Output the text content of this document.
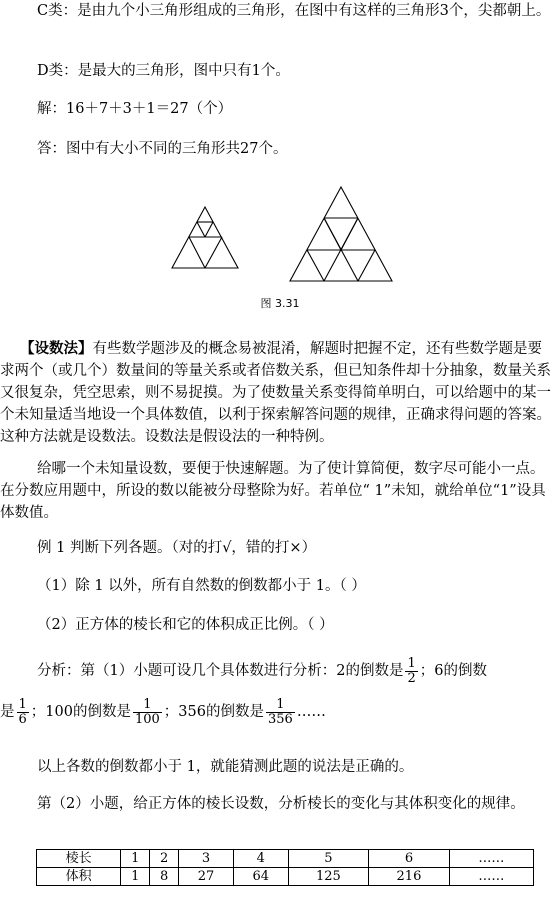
C类：是由九个小三角形组成的三角形，在图中有这样的三角形3个，尖都朝上。
D类：是最大的三角形，图中只有1个。
解：16＋7＋3＋1＝27（个）
答：图中有大小不同的三角形共27个。
图 3.31
【设数法】有些数学题涉及的概念易被混淆，解题时把握不定，还有些数学题是要求两个（或几个）数量间的等量关系或者倍数关系，但已知条件却十分抽象，数量关系又很复杂，凭空思索，则不易捉摸。为了使数量关系变得简单明白，可以给题中的某一个未知量适当地设一个具体数值，以利于探索解答问题的规律，正确求得问题的答案。这种方法就是设数法。设数法是假设法的一种特例。
给哪一个未知量设数，要便于快速解题。为了使计算简便，数字尽可能小一点。在分数应用题中，所设的数以能被分母整除为好。若单位“ 1”未知，就给单位“1”设具体数值。
例 1 判断下列各题。（对的打√，错的打×）
（1）除 1 以外，所有自然数的倒数都小于 1。（ ）
（2）正方体的棱长和它的体积成正比例。（ ）
分析：第（1）小题可设几个具体数进行分析：2的倒数是 $\frac{1}{2}$ ；6的倒数
是 $\frac{1}{6}$ ；100的倒数是 $\frac{1}{100}$ ；356的倒数是 $\frac{1}{356}$ ……
以上各数的倒数都小于 1，就能猜测此题的说法是正确的。
第（2）小题，给正方体的棱长设数，分析棱长的变化与其体积变化的规律。
棱长	1	2	3	4	5	6	……
体积	1	8	27	64	125	216	……
